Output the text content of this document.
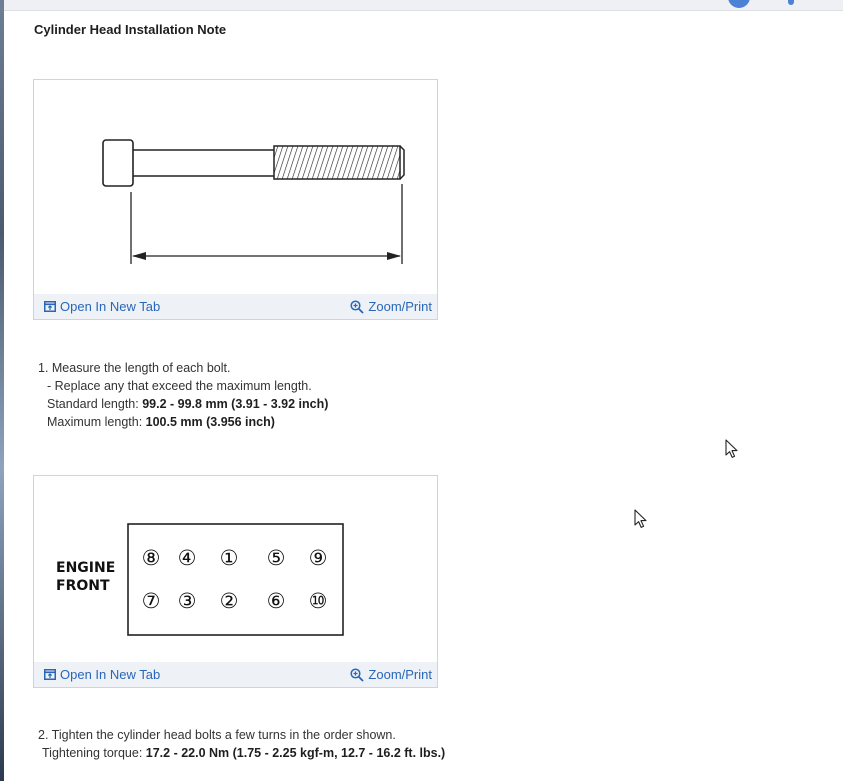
Cylinder Head Installation Note
Open In New Tab	Zoom/Print
1. Measure the length of each bolt.
- Replace any that exceed the maximum length.
Standard length: 99.2 - 99.8 mm (3.91 - 3.92 inch)
Maximum length: 100.5 mm (3.956 inch)
ENGINE
FRONT
⑧ ④ ① ⑤ ⑨
⑦ ③ ② ⑥ ⑩
Open In New Tab	Zoom/Print
2. Tighten the cylinder head bolts a few turns in the order shown.
Tightening torque: 17.2 - 22.0 Nm (1.75 - 2.25 kgf-m, 12.7 - 16.2 ft. lbs.)
